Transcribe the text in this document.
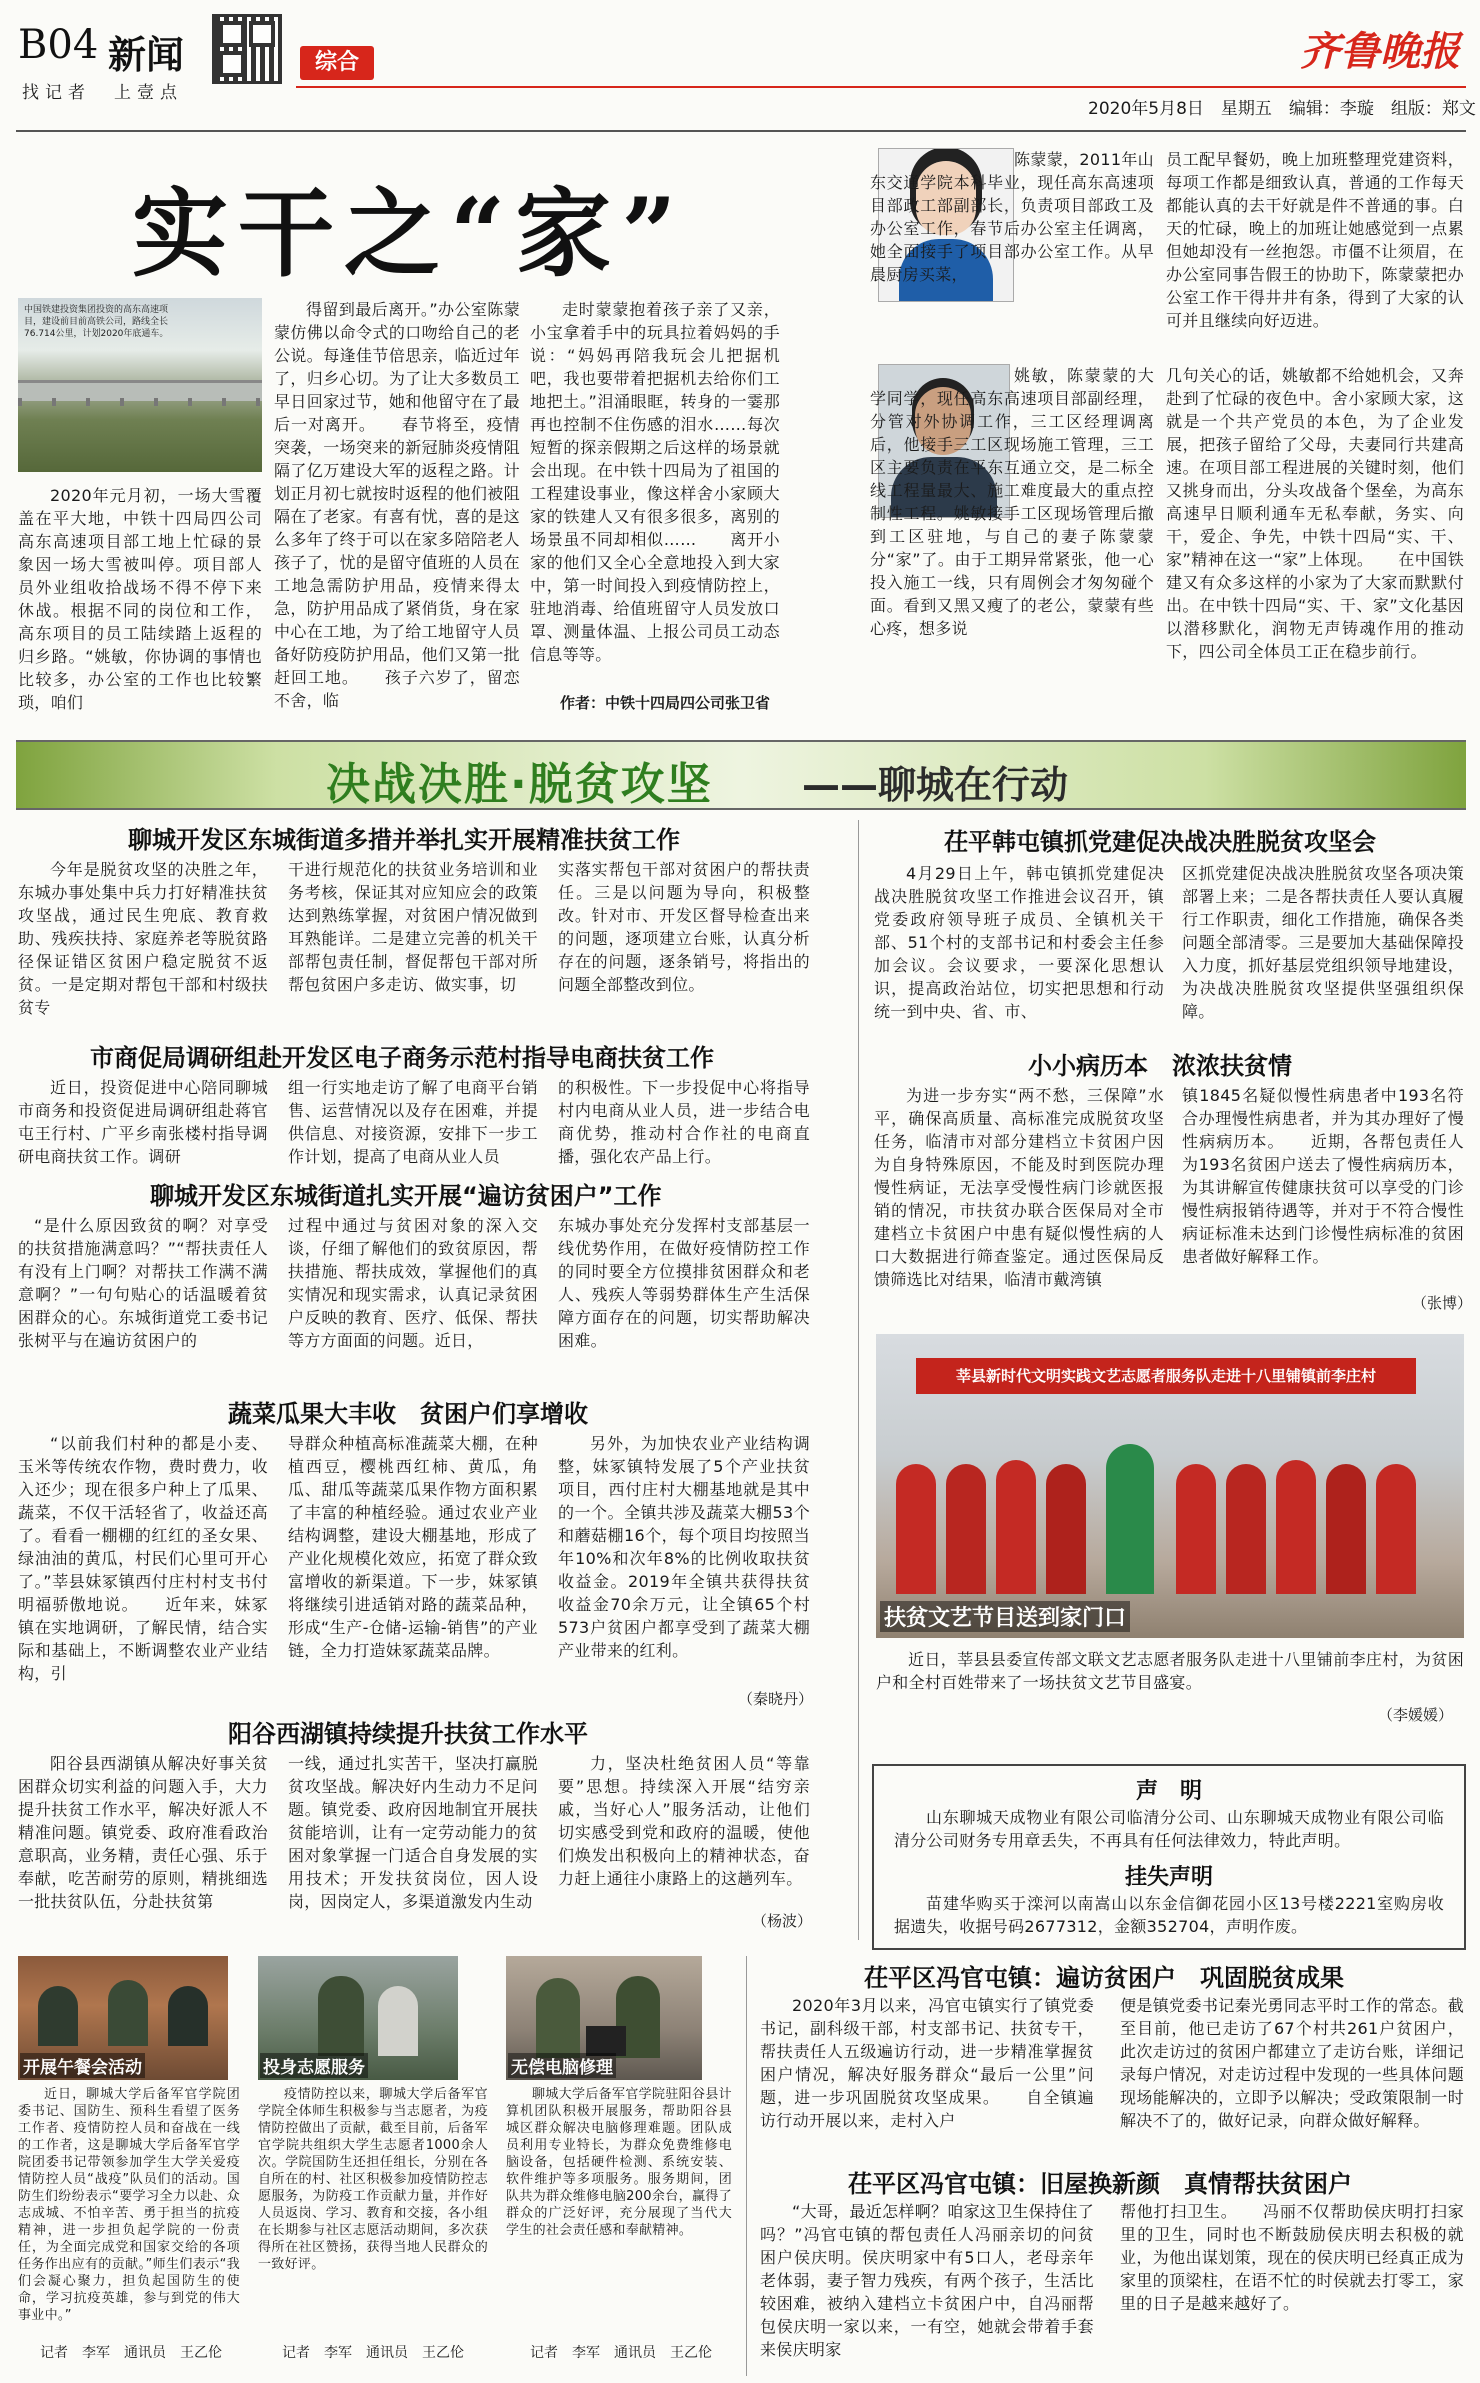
B04 新闻
找记者　上壹点
综合	齐鲁晚报
2020年5月8日　星期五　编辑：李璇　组版：郑文
实干之“家”
中国铁建投资集团投资的高东高速项目，建设前目前高铁公司，路线全长76.714公里，计划2020年底通车。

2020年元月初，一场大雪覆盖在平大地，中铁十四局四公司高东高速项目部工地上忙碌的景象因一场大雪被叫停。项目部人员外业组收拾战场不得不停下来休战。根据不同的岗位和工作，高东项目的员工陆续踏上返程的归乡路。“姚敏，你协调的事情也比较多，办公室的工作也比较繁琐，咱们

得留到最后离开。”办公室陈蒙蒙仿佛以命令式的口吻给自己的老公说。每逢佳节倍思亲，临近过年了，归乡心切。为了让大多数员工早日回家过节，她和他留守在了最后一对离开。　　春节将至，疫情突袭，一场突来的新冠肺炎疫情阻隔了亿万建设大军的返程之路。计划正月初七就按时返程的他们被阻隔在了老家。有喜有忧，喜的是这么多年了终于可以在家多陪陪老人孩子了，忧的是留守值班的人员在工地急需防护用品，疫情来得太急，防护用品成了紧俏货，身在家中心在工地，为了给工地留守人员备好防疫防护用品，他们又第一批赶回工地。　　孩子六岁了，留恋不舍，临

走时蒙蒙抱着孩子亲了又亲，小宝拿着手中的玩具拉着妈妈的手说：“妈妈再陪我玩会儿把据机吧，我也要带着把据机去给你们工地把土。”泪涌眼眶，转身的一霎那再也控制不住伤感的泪水……每次短暂的探亲假期之后这样的场景就会出现。在中铁十四局为了祖国的工程建设事业，像这样舍小家顾大家的铁建人又有很多很多，离别的场景虽不同却相似……　　离开小家的他们又全心全意地投入到大家中，第一时间投入到疫情防控上，驻地消毒、给值班留守人员发放口罩、测量体温、上报公司员工动态信息等等。

作者：中铁十四局四公司张卫省

陈蒙蒙，2011年山东交通学院本科毕业，现任高东高速项目部政工部副部长，负责项目部政工及办公室工作，春节后办公室主任调离，她全面接手了项目部办公室工作。从早晨厨房买菜，

员工配早餐奶，晚上加班整理党建资料，每项工作都是细致认真，普通的工作每天都能认真的去干好就是件不普通的事。白天的忙碌，晚上的加班让她感觉到一点累但她却没有一丝抱怨。市僵不让须眉，在办公室同事告假王的协助下，陈蒙蒙把办公室工作干得井井有条，得到了大家的认可并且继续向好迈进。

姚敏，陈蒙蒙的大学同学，现任高东高速项目部副经理，分管对外协调工作，三工区经理调离后，他接手三工区现场施工管理，三工区主要负责在平东互通立交，是二标全线工程量最大、施工难度最大的重点控制性工程。姚敏接手工区现场管理后撤到工区驻地，与自己的妻子陈蒙蒙分“家”了。由于工期异常紧张，他一心投入施工一线，只有周例会才匆匆碰个面。看到又黑又瘦了的老公，蒙蒙有些心疼，想多说

几句关心的话，姚敏都不给她机会，又奔赴到了忙碌的夜色中。舍小家顾大家，这就是一个共产党员的本色，为了企业发展，把孩子留给了父母，夫妻同行共建高速。在项目部工程进展的关键时刻，他们又挑身而出，分头攻战备个堡垒，为高东高速早日顺利通车无私奉献，务实、向干，爱企、争先，中铁十四局“实、干、家”精神在这一“家”上体现。　　在中国铁建又有众多这样的小家为了大家而默默付出。在中铁十四局“实、干、家”文化基因以潜移默化，润物无声铸魂作用的推动下，四公司全体员工正在稳步前行。

决战决胜·脱贫攻坚 ——聊城在行动
聊城开发区东城街道多措并举扎实开展精准扶贫工作

今年是脱贫攻坚的决胜之年，东城办事处集中兵力打好精准扶贫攻坚战，通过民生兜底、教育救助、残疾扶持、家庭养老等脱贫路径保证错区贫困户稳定脱贫不返贫。一是定期对帮包干部和村级扶贫专

干进行规范化的扶贫业务培训和业务考核，保证其对应知应会的政策达到熟练掌握，对贫困户情况做到耳熟能详。二是建立完善的机关干部帮包责任制，督促帮包干部对所帮包贫困户多走访、做实事，切

实落实帮包干部对贫困户的帮扶责任。三是以问题为导向，积极整改。针对市、开发区督导检查出来的问题，逐项建立台账，认真分析存在的问题，逐条销号，将指出的问题全部整改到位。

市商促局调研组赴开发区电子商务示范村指导电商扶贫工作

近日，投资促进中心陪同聊城市商务和投资促进局调研组赴蒋官屯王行村、广平乡南张楼村指导调研电商扶贫工作。调研

组一行实地走访了解了电商平台销售、运营情况以及存在困难，并提供信息、对接资源，安排下一步工作计划，提高了电商从业人员

的积极性。下一步投促中心将指导村内电商从业人员，进一步结合电商优势，推动村合作社的电商直播，强化农产品上行。

聊城开发区东城街道扎实开展“遍访贫困户”工作

“是什么原因致贫的啊？对享受的扶贫措施满意吗？”“帮扶责任人有没有上门啊？对帮扶工作满不满意啊？”一句句贴心的话温暖着贫困群众的心。东城街道党工委书记张树平与在遍访贫困户的

过程中通过与贫困对象的深入交谈，仔细了解他们的致贫原因，帮扶措施、帮扶成效，掌握他们的真实情况和现实需求，认真记录贫困户反映的教育、医疗、低保、帮扶等方方面面的问题。近日，

东城办事处充分发挥村支部基层一线优势作用，在做好疫情防控工作的同时要全方位摸排贫困群众和老人、残疾人等弱势群体生产生活保障方面存在的问题，切实帮助解决困难。

蔬菜瓜果大丰收　贫困户们享增收

“以前我们村种的都是小麦、玉米等传统农作物，费时费力，收入还少；现在很多户种上了瓜果、蔬菜，不仅干活轻省了，收益还高了。看看一棚棚的红红的圣女果、绿油油的黄瓜，村民们心里可开心了。”莘县妹冢镇西付庄村村支书付明福骄傲地说。　　近年来，妹冢镇在实地调研，了解民情，结合实际和基础上，不断调整农业产业结构，引

导群众种植高标准蔬菜大棚，在种植西豆，樱桃西红柿、黄瓜，角瓜、甜瓜等蔬菜瓜果作物方面积累了丰富的种植经验。通过农业产业结构调整，建设大棚基地，形成了产业化规模化效应，拓宽了群众致富增收的新渠道。下一步，妹冢镇将继续引进适销对路的蔬菜品种，形成“生产-仓储-运输-销售”的产业链，全力打造妹冢蔬菜品牌。

另外，为加快农业产业结构调整，妹冢镇特发展了5个产业扶贫项目，西付庄村大棚基地就是其中的一个。全镇共涉及蔬菜大棚53个和蘑菇棚16个，每个项目均按照当年10%和次年8%的比例收取扶贫收益金。2019年全镇共获得扶贫收益金70余万元，让全镇65个村573户贫困户都享受到了蔬菜大棚产业带来的红利。

（秦晓丹）
阳谷西湖镇持续提升扶贫工作水平

阳谷县西湖镇从解决好事关贫困群众切实利益的问题入手，大力提升扶贫工作水平，解决好派人不精准问题。镇党委、政府准看政治意职高，业务精，责任心强、乐于奉献，吃苦耐劳的原则，精挑细选一批扶贫队伍，分赴扶贫第

一线，通过扎实苦干，坚决打赢脱贫攻坚战。解决好内生动力不足问题。镇党委、政府因地制宜开展扶贫能培训，让有一定劳动能力的贫困对象掌握一门适合自身发展的实用技术；开发扶贫岗位，因人设岗，因岗定人，多渠道激发内生动

力，坚决杜绝贫困人员“等靠要”思想。持续深入开展“结穷亲戚，当好心人”服务活动，让他们切实感受到党和政府的温暖，使他们焕发出积极向上的精神状态，奋力赶上通往小康路上的这趟列车。

（杨波）
开展午餐会活动	投身志愿服务	无偿电脑修理

近日，聊城大学后备军官学院团委书记、国防生、预科生看望了医务工作者、疫情防控人员和奋战在一线的工作者，这是聊城大学后备军官学院团委书记带领参加学生大学关爱疫情防控人员“战疫”队员们的活动。国防生们纷纷表示“要学习全力以赴、众志成城、不怕辛苦、勇于担当的抗疫精神，进一步担负起学院的一份责任，为全面完成党和国家交给的各项任务作出应有的贡献。”师生们表示“我们会凝心聚力，担负起国防生的使命，学习抗疫英雄，参与到党的伟大事业中。”

疫情防控以来，聊城大学后备军官学院全体师生积极参与当志愿者，为疫情防控做出了贡献，截至目前，后备军官学院共组织大学生志愿者1000余人次。学院国防生还担任组长，分别在各自所在的村、社区积极参加疫情防控志愿服务，为防疫工作贡献力量，并作好人员返岗、学习、教育和交接，各小组在长期参与社区志愿活动期间，多次获得所在社区赞扬，获得当地人民群众的一致好评。

聊城大学后备军官学院驻阳谷县计算机团队积极开展服务，帮助阳谷县城区群众解决电脑修理难题。团队成员利用专业特长，为群众免费维修电脑设备，包括硬件检测、系统安装、软件维护等多项服务。服务期间，团队共为群众维修电脑200余台，赢得了群众的广泛好评，充分展现了当代大学生的社会责任感和奉献精神。

记者　李军　通讯员　王乙伦	记者　李军　通讯员　王乙伦	记者　李军　通讯员　王乙伦
茌平韩屯镇抓党建促决战决胜脱贫攻坚会

4月29日上午，韩屯镇抓党建促决战决胜脱贫攻坚工作推进会议召开，镇党委政府领导班子成员、全镇机关干部、51个村的支部书记和村委会主任参加会议。会议要求，一要深化思想认识，提高政治站位，切实把思想和行动统一到中央、省、市、

区抓党建促决战决胜脱贫攻坚各项决策部署上来；二是各帮扶责任人要认真履行工作职责，细化工作措施，确保各类问题全部清零。三是要加大基础保障投入力度，抓好基层党组织领导地建设，为决战决胜脱贫攻坚提供坚强组织保障。

小小病历本　浓浓扶贫情

为进一步夯实“两不愁，三保障”水平，确保高质量、高标准完成脱贫攻坚任务，临清市对部分建档立卡贫困户因为自身特殊原因，不能及时到医院办理慢性病证，无法享受慢性病门诊就医报销的情况，市扶贫办联合医保局对全市建档立卡贫困户中患有疑似慢性病的人口大数据进行筛查鉴定。通过医保局反馈筛选比对结果，临清市戴湾镇

镇1845名疑似慢性病患者中193名符合办理慢性病患者，并为其办理好了慢性病病历本。　　近期，各帮包责任人为193名贫困户送去了慢性病病历本，为其讲解宣传健康扶贫可以享受的门诊慢性病报销待遇等，并对于不符合慢性病证标准未达到门诊慢性病标准的贫困患者做好解释工作。

（张博）
莘县新时代文明实践文艺志愿者服务队走进十八里铺镇前李庄村
扶贫文艺节目送到家门口

近日，莘县县委宣传部文联文艺志愿者服务队走进十八里铺前李庄村，为贫困户和全村百姓带来了一场扶贫文艺节目盛宴。

（李媛媛）
声　明

山东聊城天成物业有限公司临清分公司、山东聊城天成物业有限公司临清分公司财务专用章丢失，不再具有任何法律效力，特此声明。

挂失声明

苗建华购买于滦河以南嵩山以东金信御花园小区13号楼2221室购房收据遗失，收据号码2677312，金额352704，声明作废。

茌平区冯官屯镇：遍访贫困户　巩固脱贫成果

2020年3月以来，冯官屯镇实行了镇党委书记，副科级干部，村支部书记、扶贫专干，帮扶责任人五级遍访行动，进一步精准掌握贫困户情况，解决好服务群众“最后一公里”问题，进一步巩固脱贫攻坚成果。　　自全镇遍访行动开展以来，走村入户

便是镇党委书记秦光勇同志平时工作的常态。截至目前，他已走访了67个村共261户贫困户，此次走访过的贫困户都建立了走访台账，详细记录每户情况，对走访过程中发现的一些具体问题现场能解决的，立即予以解决；受政策限制一时解决不了的，做好记录，向群众做好解释。

茌平区冯官屯镇：旧屋换新颜　真情帮扶贫困户

“大哥，最近怎样啊？咱家这卫生保持住了吗？”冯官屯镇的帮包责任人冯丽亲切的问贫困户侯庆明。侯庆明家中有5口人，老母亲年老体弱，妻子智力残疾，有两个孩子，生活比较困难，被纳入建档立卡贫困户中，自冯丽帮包侯庆明一家以来，一有空，她就会带着手套来侯庆明家

帮他打扫卫生。　　冯丽不仅帮助侯庆明打扫家里的卫生，同时也不断鼓励侯庆明去积极的就业，为他出谋划策，现在的侯庆明已经真正成为家里的顶梁柱，在语不忙的时侯就去打零工，家里的日子是越来越好了。
